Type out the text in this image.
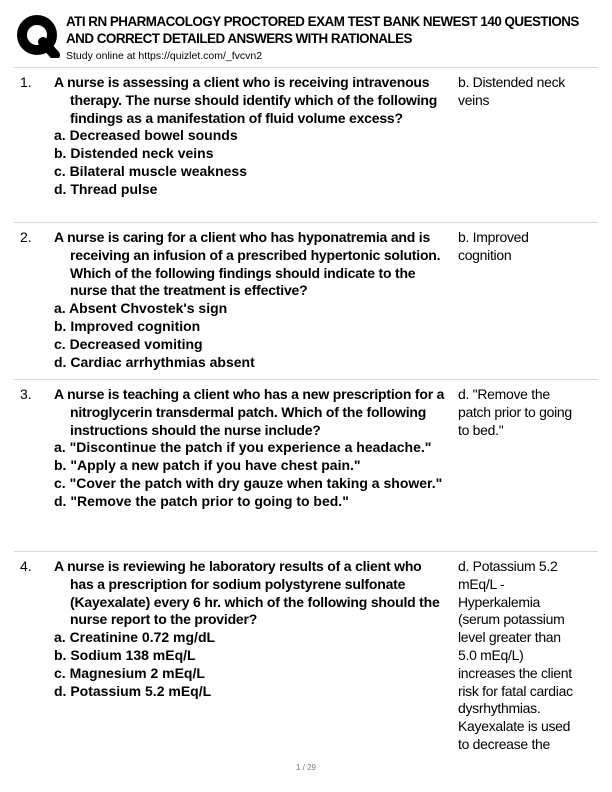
ATI RN PHARMACOLOGY PROCTORED EXAM TEST BANK NEWEST 140 QUESTIONS AND CORRECT DETAILED ANSWERS WITH RATIONALES
Study online at https://quizlet.com/_fvcvn2
1. A nurse is assessing a client who is receiving intravenous therapy. The nurse should identify which of the following findings as a manifestation of fluid volume excess?
a. Decreased bowel sounds
b. Distended neck veins
c. Bilateral muscle weakness
d. Thread pulse
b. Distended neck veins
2. A nurse is caring for a client who has hyponatremia and is receiving an infusion of a prescribed hypertonic solution. Which of the following findings should indicate to the nurse that the treatment is effective?
a. Absent Chvostek's sign
b. Improved cognition
c. Decreased vomiting
d. Cardiac arrhythmias absent
b. Improved cognition
3. A nurse is teaching a client who has a new prescription for a nitroglycerin transdermal patch. Which of the following instructions should the nurse include?
a. "Discontinue the patch if you experience a headache."
b. "Apply a new patch if you have chest pain."
c. "Cover the patch with dry gauze when taking a shower."
d. "Remove the patch prior to going to bed."
d. "Remove the patch prior to going to bed."
4. A nurse is reviewing he laboratory results of a client who has a prescription for sodium polystyrene sulfonate (Kayexalate) every 6 hr. which of the following should the nurse report to the provider?
a. Creatinine 0.72 mg/dL
b. Sodium 138 mEq/L
c. Magnesium 2 mEq/L
d. Potassium 5.2 mEq/L
d. Potassium 5.2 mEq/L - Hyperkalemia (serum potassium level greater than 5.0 mEq/L) increases the client risk for fatal cardiac dysrhythmias. Kayexalate is used to decrease the
1 / 29
